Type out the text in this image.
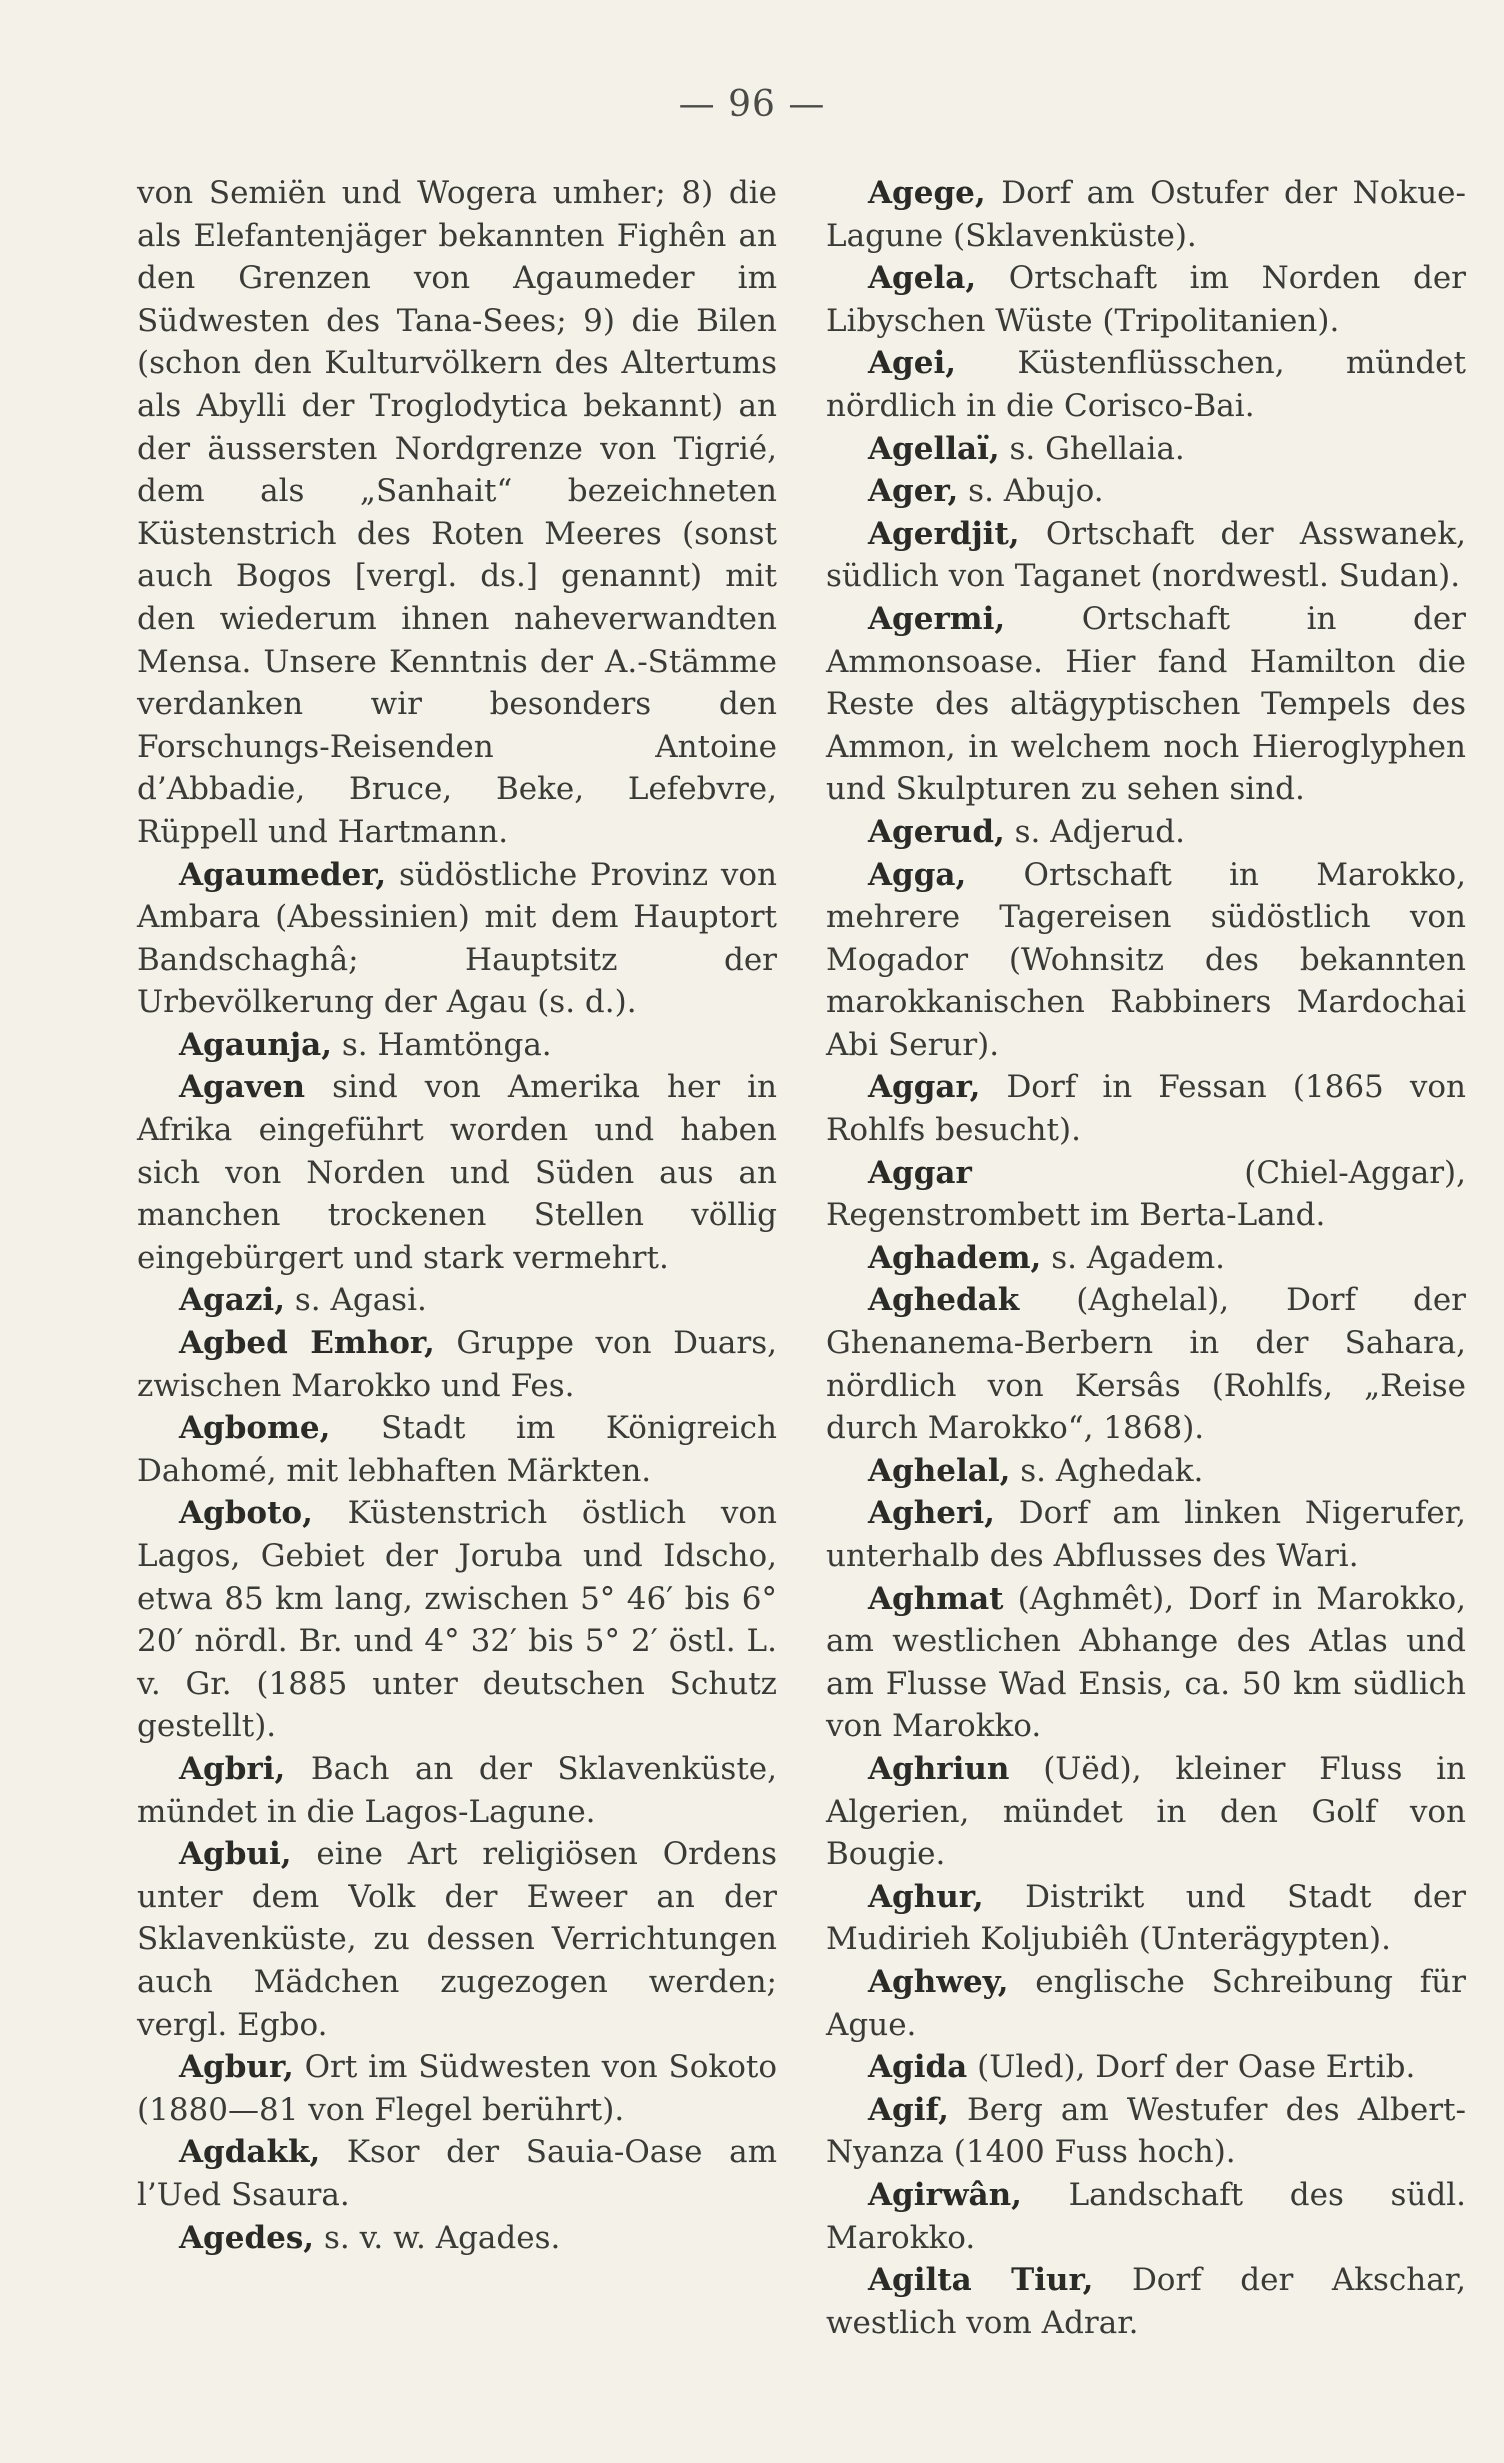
— 96 —

von Semiën und Wogera umher; 8) die als Elefantenjäger bekannten Fighên an den Grenzen von Agaumeder im Südwesten des Tana-Sees; 9) die Bilen (schon den Kulturvölkern des Altertums als Abylli der Troglodytica bekannt) an der äussersten Nordgrenze von Tigrié, dem als „Sanhait“ bezeichneten Küstenstrich des Roten Meeres (sonst auch Bogos [vergl. ds.] genannt) mit den wiederum ihnen naheverwandten Mensa. Unsere Kenntnis der A.-Stämme verdanken wir besonders den Forschungs-Reisenden Antoine d’Abbadie, Bruce, Beke, Lefebvre, Rüppell und Hartmann.

Agaumeder, südöstliche Provinz von Ambara (Abessinien) mit dem Hauptort Bandschaghâ; Hauptsitz der Urbevölkerung der Agau (s. d.).

Agaunja, s. Hamtönga.

Agaven sind von Amerika her in Afrika eingeführt worden und haben sich von Norden und Süden aus an manchen trockenen Stellen völlig eingebürgert und stark vermehrt.

Agazi, s. Agasi.

Agbed Emhor, Gruppe von Duars, zwischen Marokko und Fes.

Agbome, Stadt im Königreich Dahomé, mit lebhaften Märkten.

Agboto, Küstenstrich östlich von Lagos, Gebiet der Joruba und Idscho, etwa 85 km lang, zwischen 5° 46′ bis 6° 20′ nördl. Br. und 4° 32′ bis 5° 2′ östl. L. v. Gr. (1885 unter deutschen Schutz gestellt).

Agbri, Bach an der Sklavenküste, mündet in die Lagos-Lagune.

Agbui, eine Art religiösen Ordens unter dem Volk der Eweer an der Sklavenküste, zu dessen Verrichtungen auch Mädchen zugezogen werden; vergl. Egbo.

Agbur, Ort im Südwesten von Sokoto (1880—81 von Flegel berührt).

Agdakk, Ksor der Sauia-Oase am l’Ued Ssaura.

Agedes, s. v. w. Agades.

Agege, Dorf am Ostufer der Nokue-Lagune (Sklavenküste).

Agela, Ortschaft im Norden der Libyschen Wüste (Tripolitanien).

Agei, Küstenflüsschen, mündet nördlich in die Corisco-Bai.

Agellaï, s. Ghellaia.

Ager, s. Abujo.

Agerdjit, Ortschaft der Asswanek, südlich von Taganet (nordwestl. Sudan).

Agermi, Ortschaft in der Ammonsoase. Hier fand Hamilton die Reste des altägyptischen Tempels des Ammon, in welchem noch Hieroglyphen und Skulpturen zu sehen sind.

Agerud, s. Adjerud.

Agga, Ortschaft in Marokko, mehrere Tagereisen südöstlich von Mogador (Wohnsitz des bekannten marokkanischen Rabbiners Mardochai Abi Serur).

Aggar, Dorf in Fessan (1865 von Rohlfs besucht).

Aggar (Chiel-Aggar), Regenstrombett im Berta-Land.

Aghadem, s. Agadem.

Aghedak (Aghelal), Dorf der Ghenanema-Berbern in der Sahara, nördlich von Kersâs (Rohlfs, „Reise durch Marokko“, 1868).

Aghelal, s. Aghedak.

Agheri, Dorf am linken Nigerufer, unterhalb des Abflusses des Wari.

Aghmat (Aghmêt), Dorf in Marokko, am westlichen Abhange des Atlas und am Flusse Wad Ensis, ca. 50 km südlich von Marokko.

Aghriun (Uëd), kleiner Fluss in Algerien, mündet in den Golf von Bougie.

Aghur, Distrikt und Stadt der Mudirieh Koljubiêh (Unterägypten).

Aghwey, englische Schreibung für Ague.

Agida (Uled), Dorf der Oase Ertib.

Agif, Berg am Westufer des Albert-Nyanza (1400 Fuss hoch).

Agirwân, Landschaft des südl. Marokko.

Agilta Tiur, Dorf der Akschar, westlich vom Adrar.
